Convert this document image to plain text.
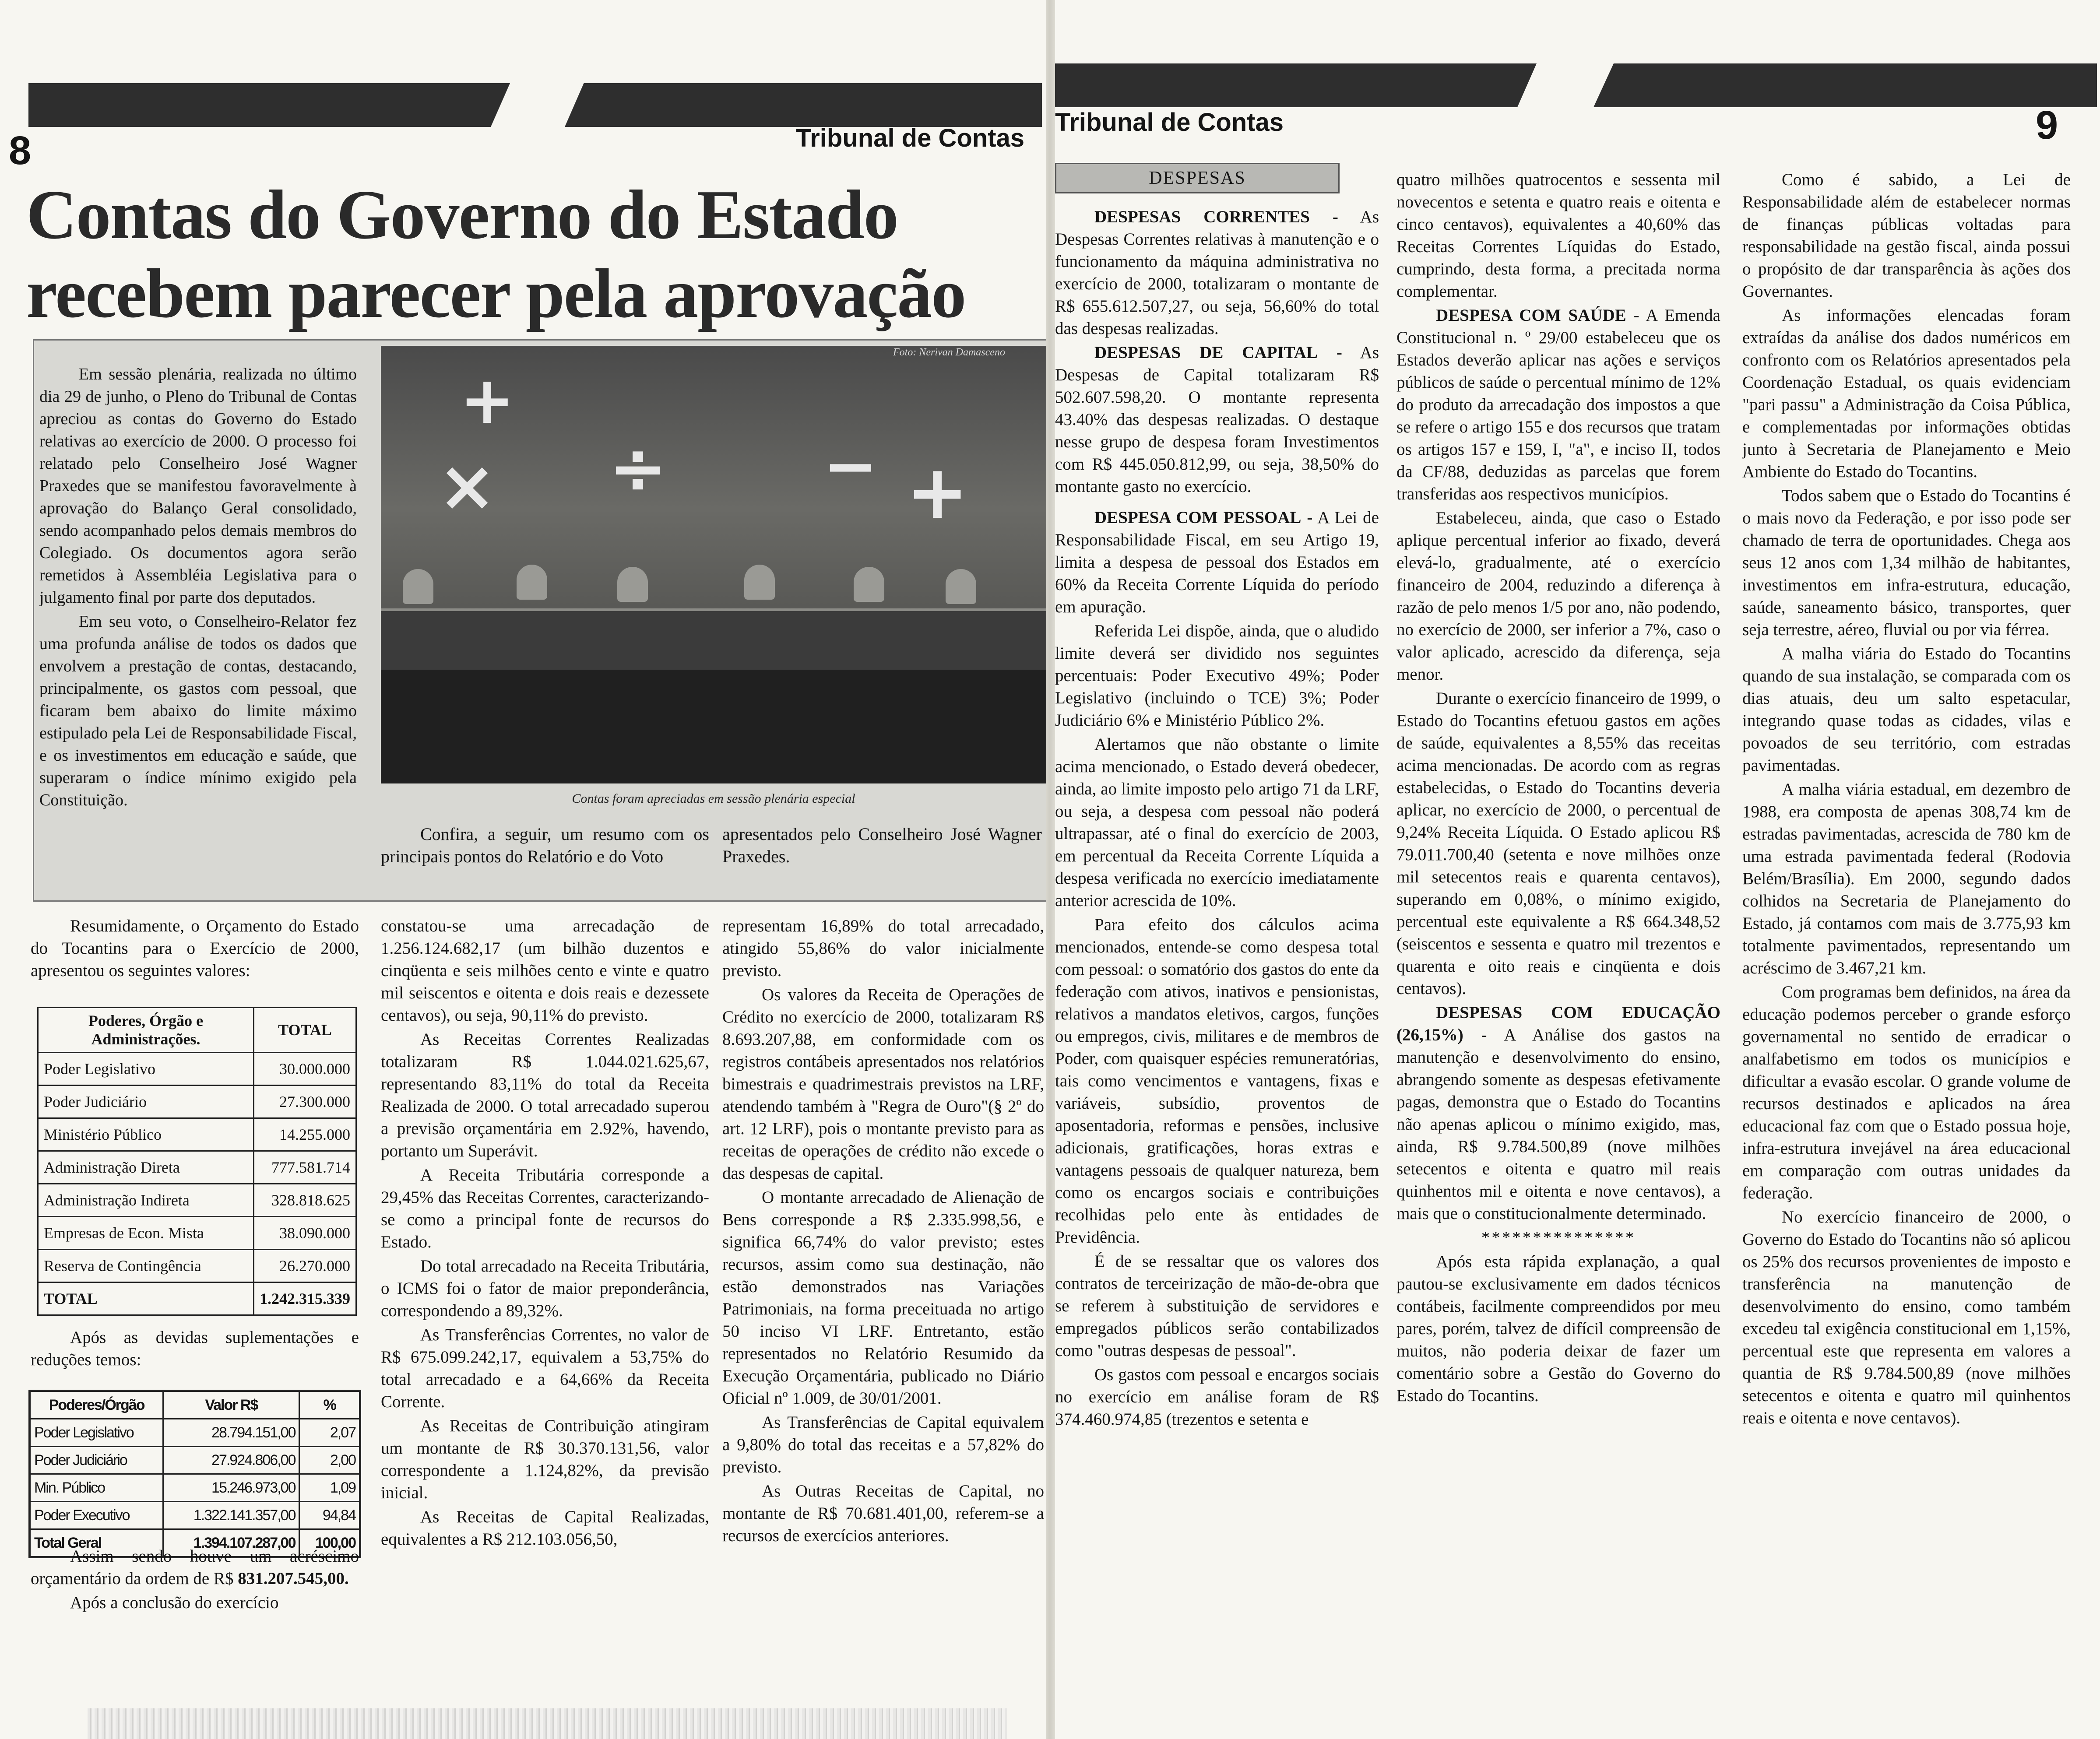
8	Tribunal de Contas
Contas do Governo do Estado
recebem parecer pela aprovação

Em sessão plenária, realizada no último dia 29 de junho, o Pleno do Tribunal de Contas apreciou as contas do Governo do Estado relativas ao exercício de 2000. O processo foi relatado pelo Conselheiro José Wagner Praxedes que se manifestou favoravelmente à aprovação do Balanço Geral consolidado, sendo acompanhado pelos demais membros do Colegiado. Os documentos agora serão remetidos à Assembléia Legislativa para o julgamento final por parte dos deputados.

Em seu voto, o Conselheiro-Relator fez uma profunda análise de todos os dados que envolvem a prestação de contas, destacando, principalmente, os gastos com pessoal, que ficaram bem abaixo do limite máximo estipulado pela Lei de Responsabilidade Fiscal, e os investimentos em educação e saúde, que superaram o índice mínimo exigido pela Constituição.

+
−
× ÷	+
Foto: Nerivan Damasceno
Contas foram apreciadas em sessão plenária especial

Confira, a seguir, um resumo com os principais pontos do Relatório e do Voto

apresentados pelo Conselheiro José Wagner Praxedes.

Resumidamente, o Orçamento do Estado do Tocantins para o Exercício de 2000, apresentou os seguintes valores:

Poderes, Órgão e Administrações.	TOTAL
Poder Legislativo	30.000.000
Poder Judiciário	27.300.000
Ministério Público	14.255.000
Administração Direta	777.581.714
Administração Indireta	328.818.625
Empresas de Econ. Mista	38.090.000
Reserva de Contingência	26.270.000
TOTAL	1.242.315.339

Após as devidas suplementações e reduções temos:

Poderes/Órgão	Valor R$	%
Poder Legislativo	28.794.151,00	2,07
Poder Judiciário	27.924.806,00	2,00
Min. Público	15.246.973,00	1,09
Poder Executivo	1.322.141.357,00	94,84
Total Geral	1.394.107.287,00	100,00

Assim sendo houve um acréscimo orçamentário da ordem de R$ 831.207.545,00.

Após a conclusão do exercício

constatou-se uma arrecadação de 1.256.124.682,17 (um bilhão duzentos e cinqüenta e seis milhões cento e vinte e quatro mil seiscentos e oitenta e dois reais e dezessete centavos), ou seja, 90,11% do previsto.

As Receitas Correntes Realizadas totalizaram R$ 1.044.021.625,67, representando 83,11% do total da Receita Realizada de 2000. O total arrecadado superou a previsão orçamentária em 2.92%, havendo, portanto um Superávit.

A Receita Tributária corresponde a 29,45% das Receitas Correntes, caracterizando-se como a principal fonte de recursos do Estado.

Do total arrecadado na Receita Tributária, o ICMS foi o fator de maior preponderância, correspondendo a 89,32%.

As Transferências Correntes, no valor de R$ 675.099.242,17, equivalem a 53,75% do total arrecadado e a 64,66% da Receita Corrente.

As Receitas de Contribuição atingiram um montante de R$ 30.370.131,56, valor correspondente a 1.124,82%, da previsão inicial.

As Receitas de Capital Realizadas, equivalentes a R$ 212.103.056,50,

representam 16,89% do total arrecadado, atingido 55,86% do valor inicialmente previsto.

Os valores da Receita de Operações de Crédito no exercício de 2000, totalizaram R$ 8.693.207,88, em conformidade com os registros contábeis apresentados nos relatórios bimestrais e quadrimestrais previstos na LRF, atendendo também à "Regra de Ouro"(§ 2º do art. 12 LRF), pois o montante previsto para as receitas de operações de crédito não excede o das despesas de capital.

O montante arrecadado de Alienação de Bens corresponde a R$ 2.335.998,56, e significa 66,74% do valor previsto; estes recursos, assim como sua destinação, não estão demonstrados nas Variações Patrimoniais, na forma preceituada no artigo 50 inciso VI LRF. Entretanto, estão representados no Relatório Resumido da Execução Orçamentária, publicado no Diário Oficial nº 1.009, de 30/01/2001.

As Transferências de Capital equivalem a 9,80% do total das receitas e a 57,82% do previsto.

As Outras Receitas de Capital, no montante de R$ 70.681.401,00, referem-se a recursos de exercícios anteriores.

Tribunal de Contas	9
DESPESAS

DESPESAS CORRENTES - As Despesas Correntes relativas à manutenção e o funcionamento da máquina administrativa no exercício de 2000, totalizaram o montante de R$ 655.612.507,27, ou seja, 56,60% do total das despesas realizadas.

DESPESAS DE CAPITAL - As Despesas de Capital totalizaram R$ 502.607.598,20. O montante representa 43.40% das despesas realizadas. O destaque nesse grupo de despesa foram Investimentos com R$ 445.050.812,99, ou seja, 38,50% do montante gasto no exercício.

DESPESA COM PESSOAL - A Lei de Responsabilidade Fiscal, em seu Artigo 19, limita a despesa de pessoal dos Estados em 60% da Receita Corrente Líquida do período em apuração.

Referida Lei dispõe, ainda, que o aludido limite deverá ser dividido nos seguintes percentuais: Poder Executivo 49%; Poder Legislativo (incluindo o TCE) 3%; Poder Judiciário 6% e Ministério Público 2%.

Alertamos que não obstante o limite acima mencionado, o Estado deverá obedecer, ainda, ao limite imposto pelo artigo 71 da LRF, ou seja, a despesa com pessoal não poderá ultrapassar, até o final do exercício de 2003, em percentual da Receita Corrente Líquida a despesa verificada no exercício imediatamente anterior acrescida de 10%.

Para efeito dos cálculos acima mencionados, entende-se como despesa total com pessoal: o somatório dos gastos do ente da federação com ativos, inativos e pensionistas, relativos a mandatos eletivos, cargos, funções ou empregos, civis, militares e de membros de Poder, com quaisquer espécies remuneratórias, tais como vencimentos e vantagens, fixas e variáveis, subsídio, proventos de aposentadoria, reformas e pensões, inclusive adicionais, gratificações, horas extras e vantagens pessoais de qualquer natureza, bem como os encargos sociais e contribuições recolhidas pelo ente às entidades de Previdência.

É de se ressaltar que os valores dos contratos de terceirização de mão-de-obra que se referem à substituição de servidores e empregados públicos serão contabilizados como "outras despesas de pessoal".

Os gastos com pessoal e encargos sociais no exercício em análise foram de R$ 374.460.974,85 (trezentos e setenta e

quatro milhões quatrocentos e sessenta mil novecentos e setenta e quatro reais e oitenta e cinco centavos), equivalentes a 40,60% das Receitas Correntes Líquidas do Estado, cumprindo, desta forma, a precitada norma complementar.

DESPESA COM SAÚDE - A Emenda Constitucional n. º 29/00 estabeleceu que os Estados deverão aplicar nas ações e serviços públicos de saúde o percentual mínimo de 12% do produto da arrecadação dos impostos a que se refere o artigo 155 e dos recursos que tratam os artigos 157 e 159, I, "a", e inciso II, todos da CF/88, deduzidas as parcelas que forem transferidas aos respectivos municípios.

Estabeleceu, ainda, que caso o Estado aplique percentual inferior ao fixado, deverá elevá-lo, gradualmente, até o exercício financeiro de 2004, reduzindo a diferença à razão de pelo menos 1/5 por ano, não podendo, no exercício de 2000, ser inferior a 7%, caso o valor aplicado, acrescido da diferença, seja menor.

Durante o exercício financeiro de 1999, o Estado do Tocantins efetuou gastos em ações de saúde, equivalentes a 8,55% das receitas acima mencionadas. De acordo com as regras estabelecidas, o Estado do Tocantins deveria aplicar, no exercício de 2000, o percentual de 9,24% Receita Líquida. O Estado aplicou R$ 79.011.700,40 (setenta e nove milhões onze mil setecentos reais e quarenta centavos), superando em 0,08%, o mínimo exigido, percentual este equivalente a R$ 664.348,52 (seiscentos e sessenta e quatro mil trezentos e quarenta e oito reais e cinqüenta e dois centavos).

DESPESAS COM EDUCAÇÃO (26,15%) - A Análise dos gastos na manutenção e desenvolvimento do ensino, abrangendo somente as despesas efetivamente pagas, demonstra que o Estado do Tocantins não apenas aplicou o mínimo exigido, mas, ainda, R$ 9.784.500,89 (nove milhões setecentos e oitenta e quatro mil reais quinhentos mil e oitenta e nove centavos), a mais que o constitucionalmente determinado.

***************

Após esta rápida explanação, a qual pautou-se exclusivamente em dados técnicos contábeis, facilmente compreendidos por meu pares, porém, talvez de difícil compreensão de muitos, não poderia deixar de fazer um comentário sobre a Gestão do Governo do Estado do Tocantins.

Como é sabido, a Lei de Responsabilidade além de estabelecer normas de finanças públicas voltadas para responsabilidade na gestão fiscal, ainda possui o propósito de dar transparência às ações dos Governantes.

As informações elencadas foram extraídas da análise dos dados numéricos em confronto com os Relatórios apresentados pela Coordenação Estadual, os quais evidenciam "pari passu" a Administração da Coisa Pública, e complementadas por informações obtidas junto à Secretaria de Planejamento e Meio Ambiente do Estado do Tocantins.

Todos sabem que o Estado do Tocantins é o mais novo da Federação, e por isso pode ser chamado de terra de oportunidades. Chega aos seus 12 anos com 1,34 milhão de habitantes, investimentos em infra-estrutura, educação, saúde, saneamento básico, transportes, quer seja terrestre, aéreo, fluvial ou por via férrea.

A malha viária do Estado do Tocantins quando de sua instalação, se comparada com os dias atuais, deu um salto espetacular, integrando quase todas as cidades, vilas e povoados de seu território, com estradas pavimentadas.

A malha viária estadual, em dezembro de 1988, era composta de apenas 308,74 km de estradas pavimentadas, acrescida de 780 km de uma estrada pavimentada federal (Rodovia Belém/Brasília). Em 2000, segundo dados colhidos na Secretaria de Planejamento do Estado, já contamos com mais de 3.775,93 km totalmente pavimentados, representando um acréscimo de 3.467,21 km.

Com programas bem definidos, na área da educação podemos perceber o grande esforço governamental no sentido de erradicar o analfabetismo em todos os municípios e dificultar a evasão escolar. O grande volume de recursos destinados e aplicados na área educacional faz com que o Estado possua hoje, infra-estrutura invejável na área educacional em comparação com outras unidades da federação.

No exercício financeiro de 2000, o Governo do Estado do Tocantins não só aplicou os 25% dos recursos provenientes de imposto e transferência na manutenção de desenvolvimento do ensino, como também excedeu tal exigência constitucional em 1,15%, percentual este que representa em valores a quantia de R$ 9.784.500,89 (nove milhões setecentos e oitenta e quatro mil quinhentos reais e oitenta e nove centavos).
